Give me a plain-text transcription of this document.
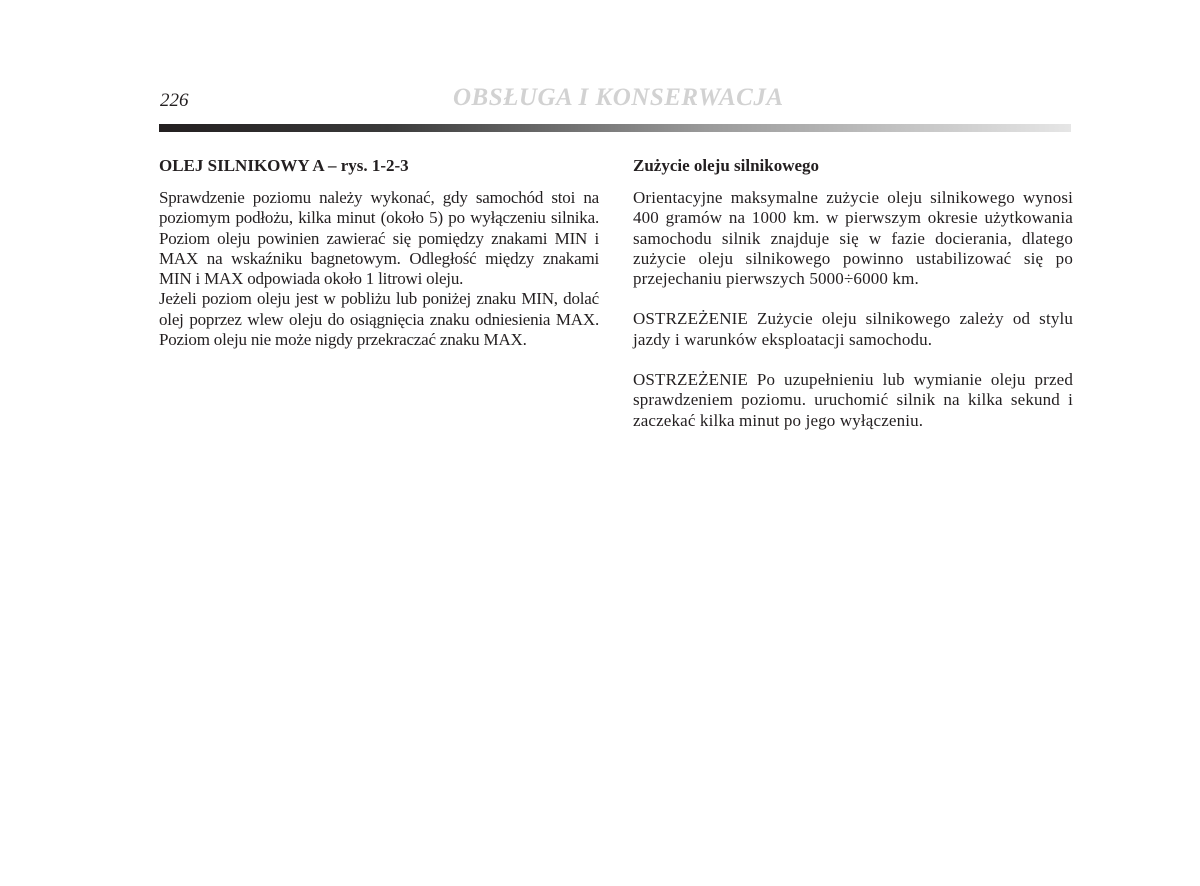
226	OBSŁUGA I KONSERWACJA
OLEJ SILNIKOWY A – rys. 1-2-3

Sprawdzenie poziomu należy wykonać, gdy samochód stoi na poziomym podłożu, kilka minut (około 5) po wyłączeniu silnika. Poziom oleju powinien zawierać się pomiędzy znakami MIN i MAX na wskaźniku bagnetowym. Odległość między znakami MIN i MAX odpowiada około 1 litrowi oleju.

Jeżeli poziom oleju jest w pobliżu lub poniżej znaku MIN, dolać olej poprzez wlew oleju do osiągnięcia znaku odniesienia MAX. Poziom oleju nie może nigdy przekraczać znaku MAX.

Zużycie oleju silnikowego

Orientacyjne maksymalne zużycie oleju silnikowego wynosi 400 gramów na 1000 km. w pierwszym okresie użytkowania samochodu silnik znajduje się w fazie docierania, dlatego zużycie oleju silnikowego powinno ustabilizować się po przejechaniu pierwszych 5000÷6000 km.

OSTRZEŻENIE Zużycie oleju silnikowego zależy od stylu jazdy i warunków eksploatacji samochodu.

OSTRZEŻENIE Po uzupełnieniu lub wymianie oleju przed sprawdzeniem poziomu. uruchomić silnik na kilka sekund i zaczekać kilka minut po jego wyłączeniu.
